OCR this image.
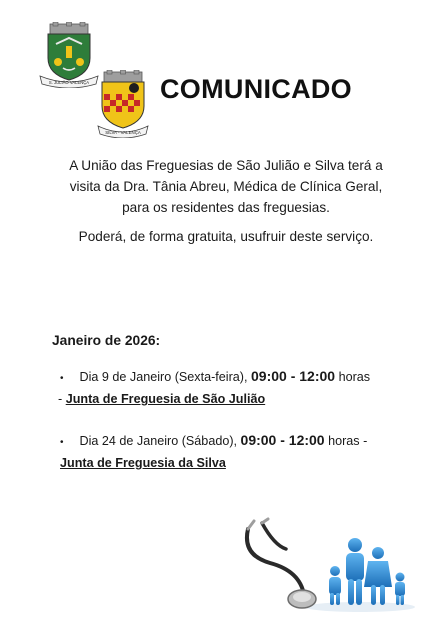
S. JULIÃO VALENÇA
SILVA - VALENÇA
COMUNICADO

A União das Freguesias de São Julião e Silva terá a
visita da Dra. Tânia Abreu, Médica de Clínica Geral,
para os residentes das freguesias.

Poderá, de forma gratuita, usufruir deste serviço.

Janeiro de 2026:
• Dia 9 de Janeiro (Sexta-feira), 09:00 - 12:00 horas
- Junta de Freguesia de São Julião
• Dia 24 de Janeiro (Sábado), 09:00 - 12:00 horas -
Junta de Freguesia da Silva
